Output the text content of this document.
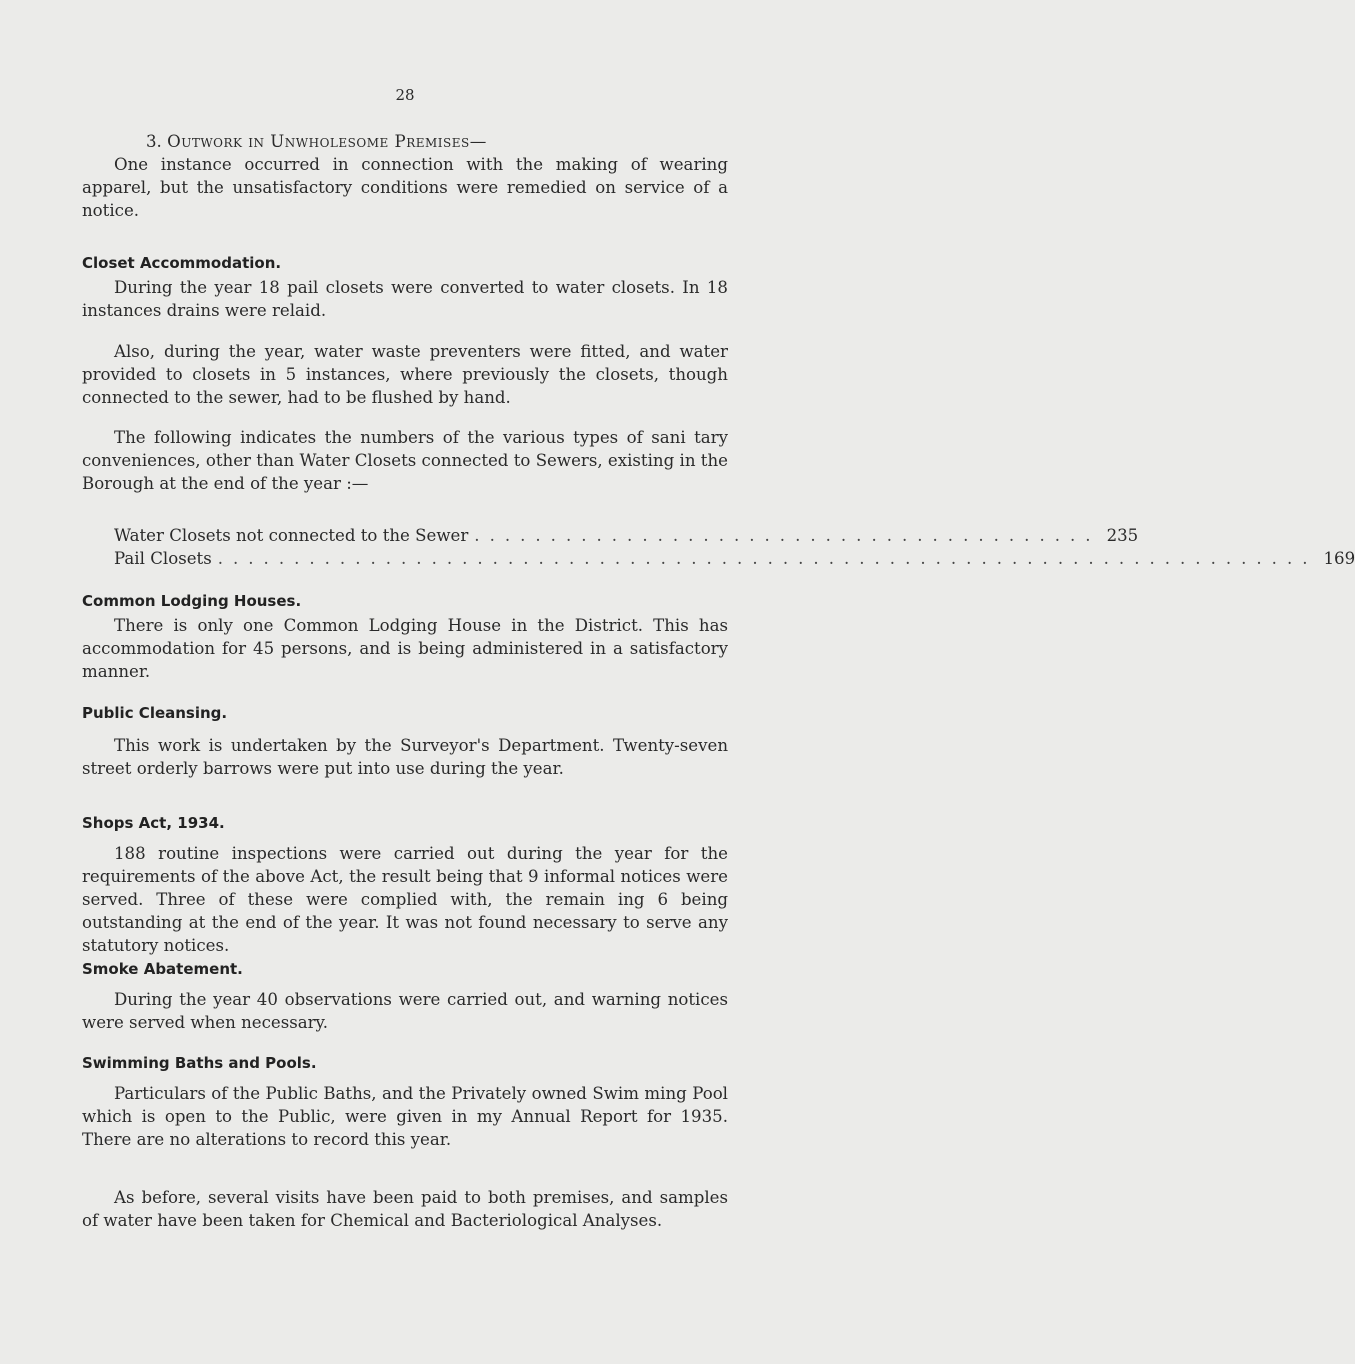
28

3. Outwork in Unwholesome Premises—

One instance occurred in connection with the making of wearing apparel, but the unsatisfactory conditions were remedied on service of a notice.

Closet Accommodation.

During the year 18 pail closets were converted to water closets. In 18 instances drains were relaid.

Also, during the year, water waste preventers were fitted, and water provided to closets in 5 instances, where previously the closets, though connected to the sewer, had to be flushed by hand.

The following indicates the numbers of the various types of sani tary conveniences, other than Water Closets connected to Sewers, existing in the Borough at the end of the year :—

Water Closets not connected to the Sewer ......................................... 235
Pail Closets ........................................................................ 169
Common Lodging Houses.

There is only one Common Lodging House in the District. This has accommodation for 45 persons, and is being administered in a satisfactory manner.

Public Cleansing.

This work is undertaken by the Surveyor's Department. Twenty-seven street orderly barrows were put into use during the year.

Shops Act, 1934.

188 routine inspections were carried out during the year for the requirements of the above Act, the result being that 9 informal notices were served. Three of these were complied with, the remain ing 6 being outstanding at the end of the year. It was not found necessary to serve any statutory notices.

Smoke Abatement.

During the year 40 observations were carried out, and warning notices were served when necessary.

Swimming Baths and Pools.

Particulars of the Public Baths, and the Privately owned Swim ming Pool which is open to the Public, were given in my Annual Report for 1935. There are no alterations to record this year.

As before, several visits have been paid to both premises, and samples of water have been taken for Chemical and Bacteriological Analyses.
